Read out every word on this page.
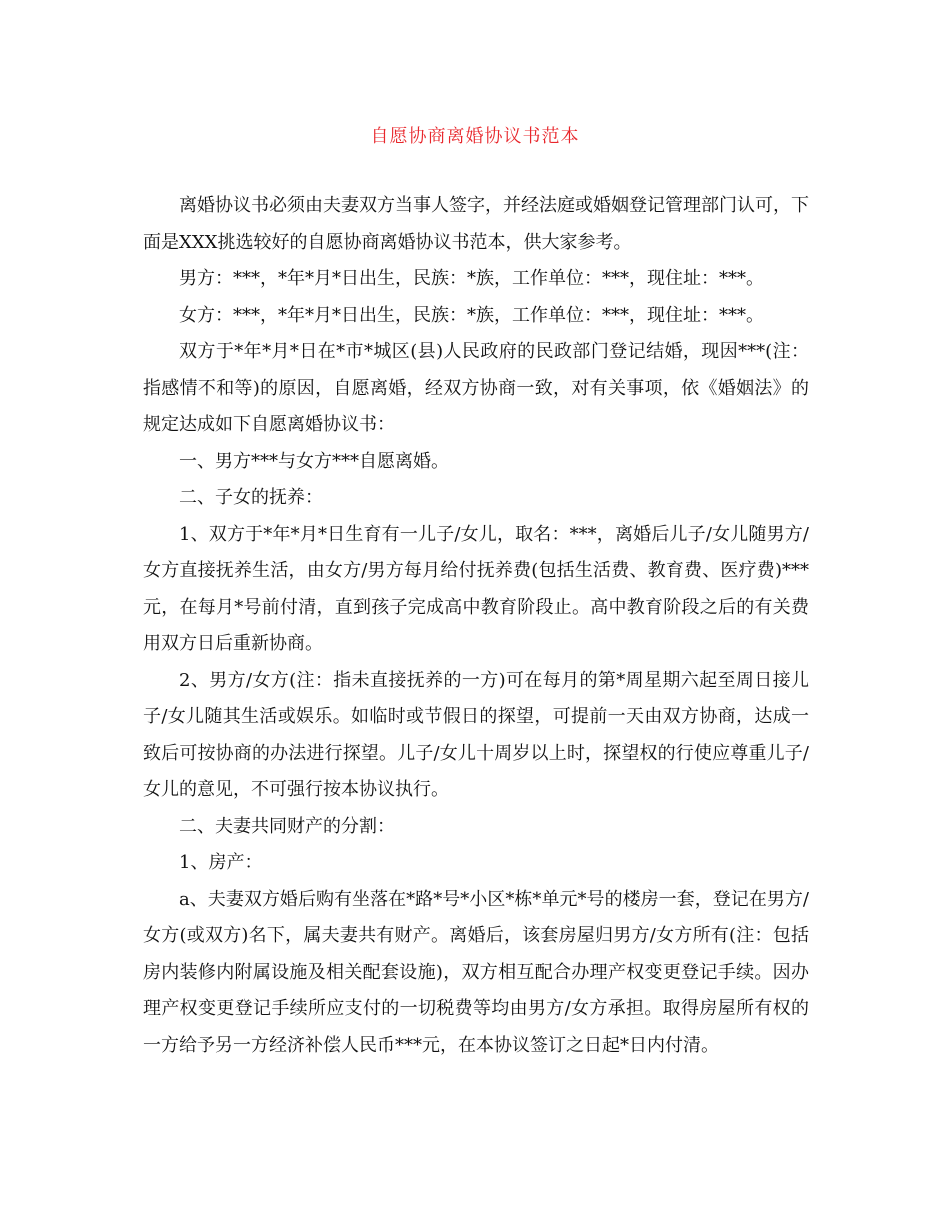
自愿协商离婚协议书范本

离婚协议书必须由夫妻双方当事人签字，并经法庭或婚姻登记管理部门认可，下面是XXX挑选较好的自愿协商离婚协议书范本，供大家参考。

男方：***，*年*月*日出生，民族：*族，工作单位：***，现住址：***。

女方：***，*年*月*日出生，民族：*族，工作单位：***，现住址：***。

双方于*年*月*日在*市*城区(县)人民政府的民政部门登记结婚，现因***(注：指感情不和等)的原因，自愿离婚，经双方协商一致，对有关事项，依《婚姻法》的规定达成如下自愿离婚协议书：

一、男方***与女方***自愿离婚。

二、子女的抚养：

1、双方于*年*月*日生育有一儿子/女儿，取名：***，离婚后儿子/女儿随男方/女方直接抚养生活，由女方/男方每月给付抚养费(包括生活费、教育费、医疗费)***元，在每月*号前付清，直到孩子完成高中教育阶段止。高中教育阶段之后的有关费用双方日后重新协商。

2、男方/女方(注：指未直接抚养的一方)可在每月的第*周星期六起至周日接儿子/女儿随其生活或娱乐。如临时或节假日的探望，可提前一天由双方协商，达成一致后可按协商的办法进行探望。儿子/女儿十周岁以上时，探望权的行使应尊重儿子/女儿的意见，不可强行按本协议执行。

二、夫妻共同财产的分割：

1、房产：

a、夫妻双方婚后购有坐落在*路*号*小区*栋*单元*号的楼房一套，登记在男方/女方(或双方)名下，属夫妻共有财产。离婚后，该套房屋归男方/女方所有(注：包括房内装修内附属设施及相关配套设施)，双方相互配合办理产权变更登记手续。因办理产权变更登记手续所应支付的一切税费等均由男方/女方承担。取得房屋所有权的一方给予另一方经济补偿人民币***元，在本协议签订之日起*日内付清。
